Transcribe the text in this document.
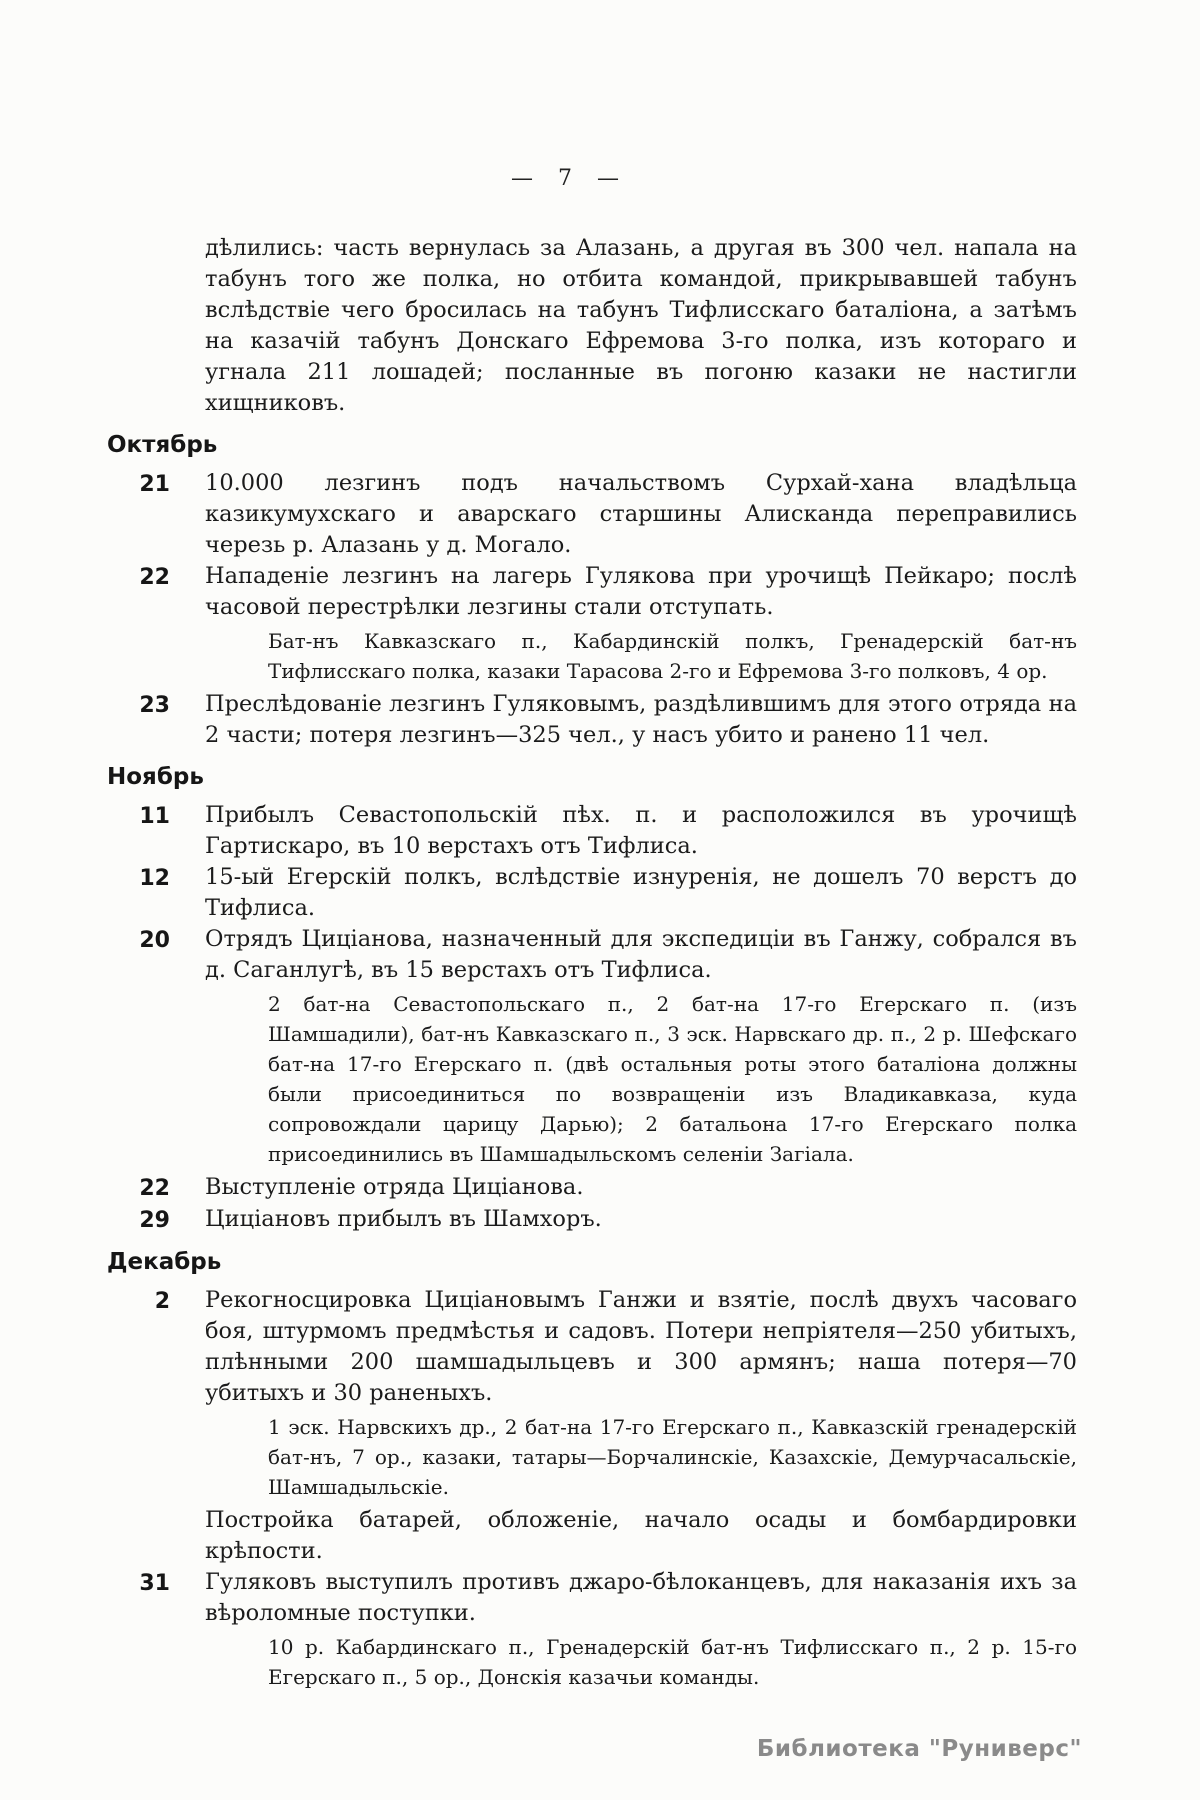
— 7 —
дѣлились: часть вернулась за Алазань, а другая въ 300 чел. напала на табунъ того же полка, но отбита командой, прикрывавшей табунъ вслѣдствіе чего бросилась на табунъ Тифлисскаго баталіона, а затѣмъ на казачій табунъ Донскаго Ефремова 3-го полка, изъ котораго и угнала 211 лошадей; посланные въ погоню казаки не настигли хищниковъ.
Октябрь
21 10.000 лезгинъ подъ начальствомъ Сурхай-хана владѣльца казикумухскаго и аварскаго старшины Алисканда переправились черезь р. Алазань у д. Могало.
22 Нападеніе лезгинъ на лагерь Гулякова при урочищѣ Пейкаро; послѣ часовой перестрѣлки лезгины стали отступать.
Бат-нъ Кавказскаго п., Кабардинскій полкъ, Гренадерскій бат-нъ Тифлисскаго полка, казаки Тарасова 2-го и Ефремова 3-го полковъ, 4 ор.
23 Преслѣдованіе лезгинъ Гуляковымъ, раздѣлившимъ для этого отряда на 2 части; потеря лезгинъ—325 чел., у насъ убито и ранено 11 чел.
Ноябрь
11 Прибылъ Севастопольскій пѣх. п. и расположился въ урочищѣ Гартискаро, въ 10 верстахъ отъ Тифлиса.
12 15-ый Егерскій полкъ, вслѣдствіе изнуренія, не дошелъ 70 верстъ до Тифлиса.
20 Отрядъ Циціанова, назначенный для экспедиціи въ Ганжу, собрался въ д. Саганлугѣ, въ 15 верстахъ отъ Тифлиса.
2 бат-на Севастопольскаго п., 2 бат-на 17-го Егерскаго п. (изъ Шамшадили), бат-нъ Кавказскаго п., 3 эск. Нарвскаго др. п., 2 р. Шефскаго бат-на 17-го Егерскаго п. (двѣ остальныя роты этого баталіона должны были присоединиться по возвращеніи изъ Владикавказа, куда сопровождали царицу Дарью); 2 батальона 17-го Егерскаго полка присоединились въ Шамшадыльскомъ селеніи Загіала.
22 Выступленіе отряда Циціанова.
29 Циціановъ прибылъ въ Шамхоръ.
Декабрь
2 Рекогносцировка Циціановымъ Ганжи и взятіе, послѣ двухъ часоваго боя, штурмомъ предмѣстья и садовъ. Потери непріятеля—250 убитыхъ, плѣнными 200 шамшадыльцевъ и 300 армянъ; наша потеря—70 убитыхъ и 30 раненыхъ.
1 эск. Нарвскихъ др., 2 бат-на 17-го Егерскаго п., Кавказскій гренадерскій бат-нъ, 7 ор., казаки, татары—Борчалинскіе, Казахскіе, Демурчасальскіе, Шамшадыльскіе.
Постройка батарей, обложеніе, начало осады и бомбардировки крѣпости.
31 Гуляковъ выступилъ противъ джаро-бѣлоканцевъ, для наказанія ихъ за вѣроломные поступки.
10 р. Кабардинскаго п., Гренадерскій бат-нъ Тифлисскаго п., 2 р. 15-го Егерскаго п., 5 ор., Донскія казачьи команды.
Библиотека "Руниверс"
